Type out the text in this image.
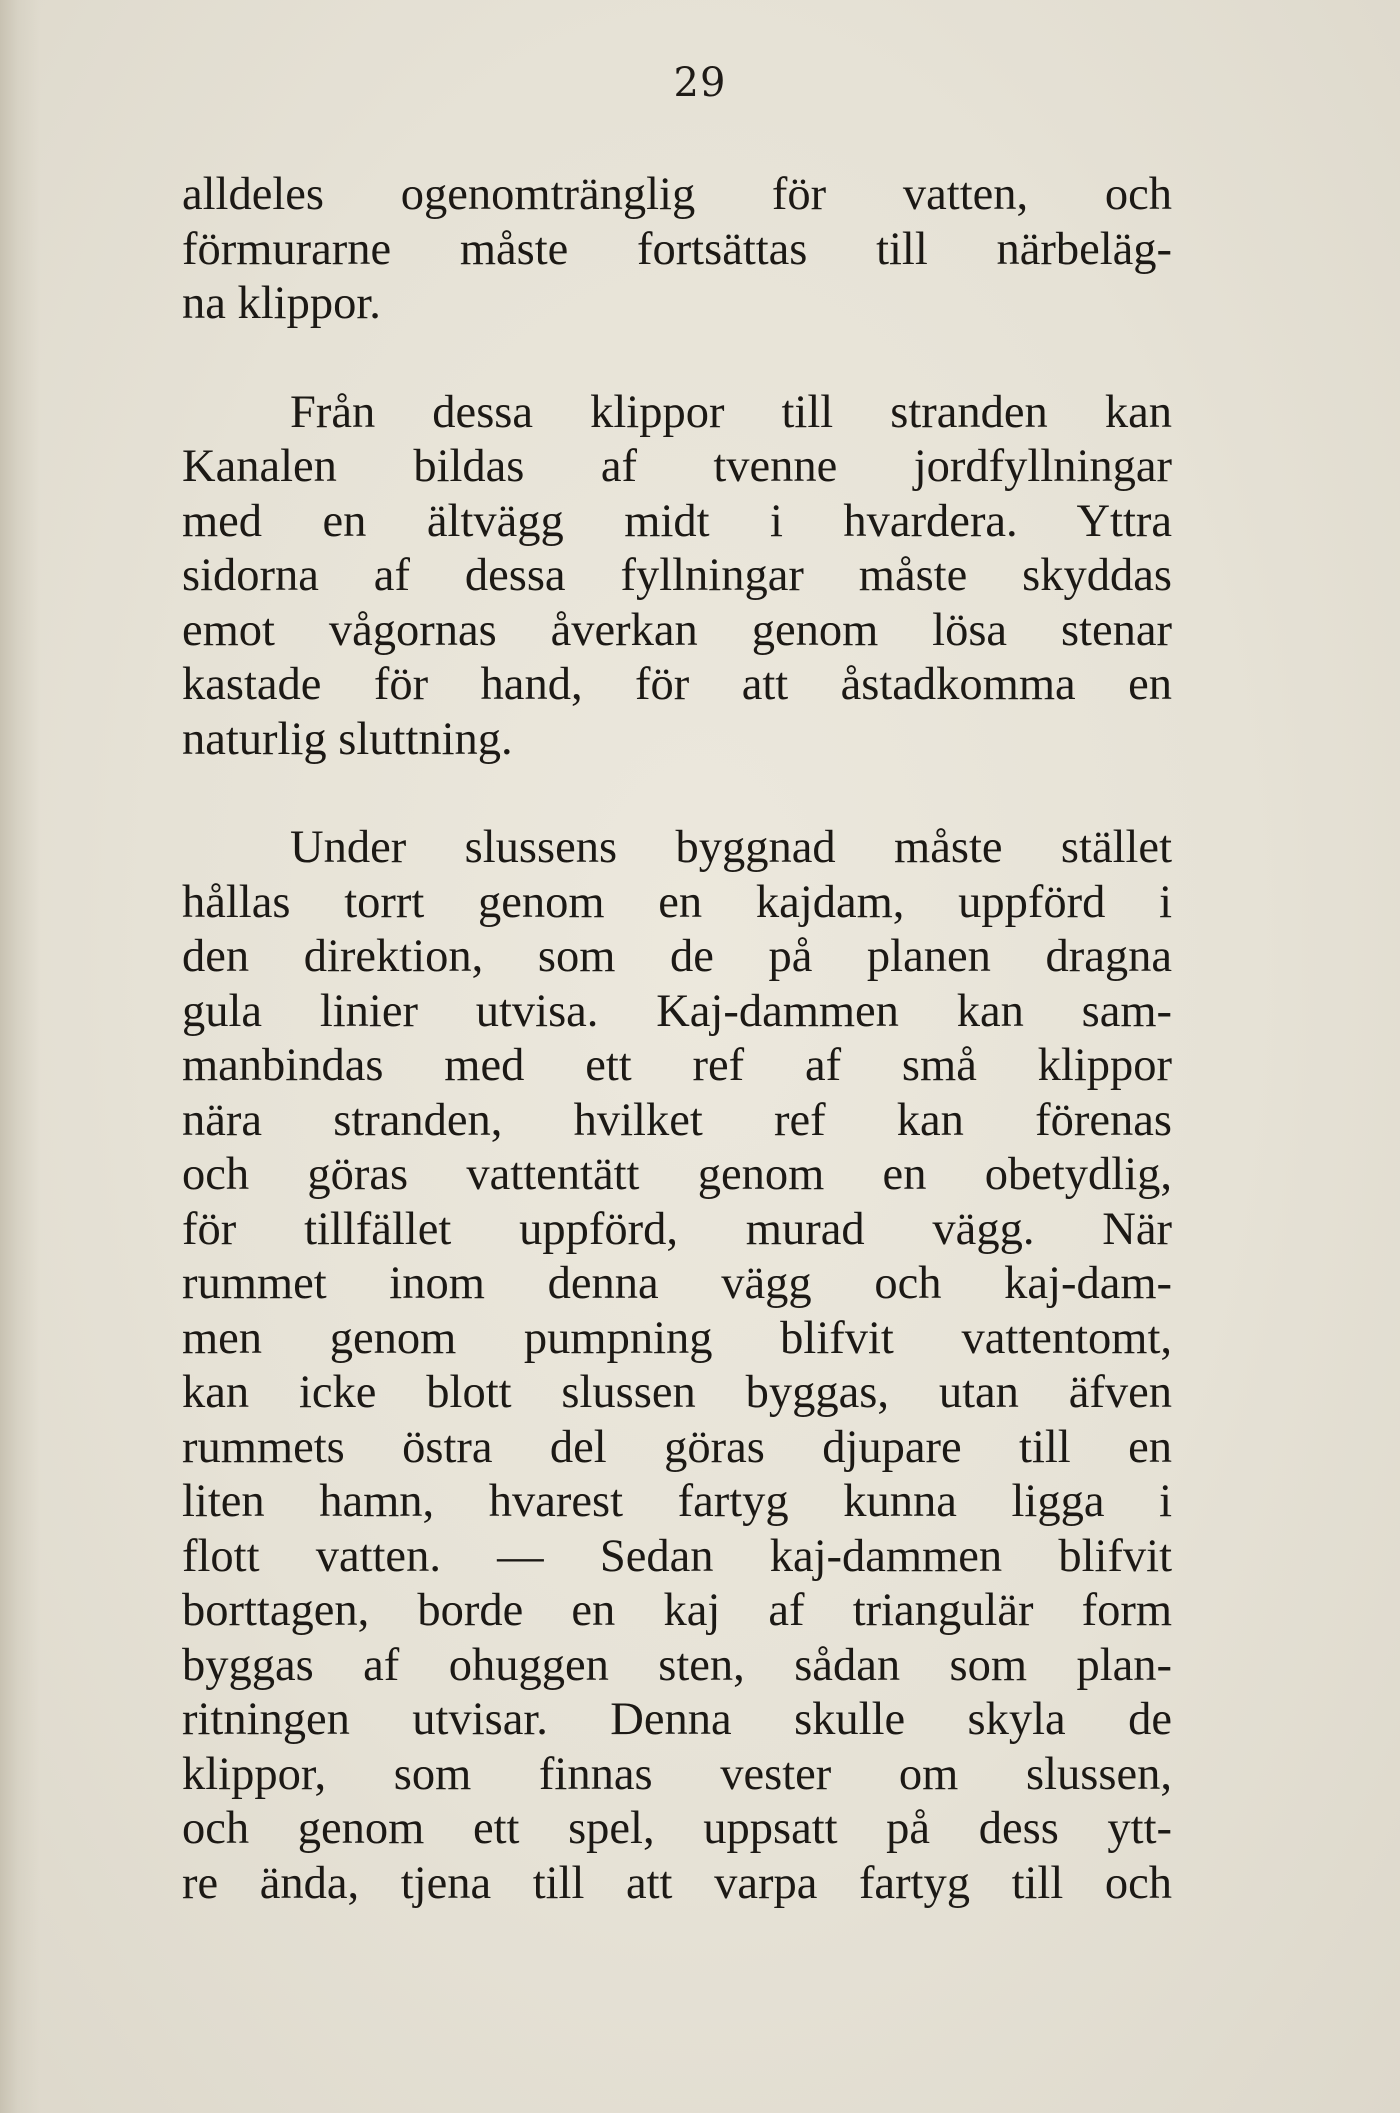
29

alldeles ogenomtränglig för vatten, och
förmurarne måste fortsättas till närbeläg-
na klippor.

Från dessa klippor till stranden kan
Kanalen bildas af tvenne jordfyllningar
med en ältvägg midt i hvardera. Yttra
sidorna af dessa fyllningar måste skyddas
emot vågornas åverkan genom lösa stenar
kastade för hand, för att åstadkomma en
naturlig sluttning.

Under slussens byggnad måste stället
hållas torrt genom en kajdam, uppförd i
den direktion, som de på planen dragna
gula linier utvisa. Kaj-dammen kan sam-
manbindas med ett ref af små klippor
nära stranden, hvilket ref kan förenas
och göras vattentätt genom en obetydlig,
för tillfället uppförd, murad vägg. När
rummet inom denna vägg och kaj-dam-
men genom pumpning blifvit vattentomt,
kan icke blott slussen byggas, utan äfven
rummets östra del göras djupare till en
liten hamn, hvarest fartyg kunna ligga i
flott vatten. — Sedan kaj-dammen blifvit
borttagen, borde en kaj af triangulär form
byggas af ohuggen sten, sådan som plan-
ritningen utvisar. Denna skulle skyla de
klippor, som finnas vester om slussen,
och genom ett spel, uppsatt på dess ytt-
re ända, tjena till att varpa fartyg till och
